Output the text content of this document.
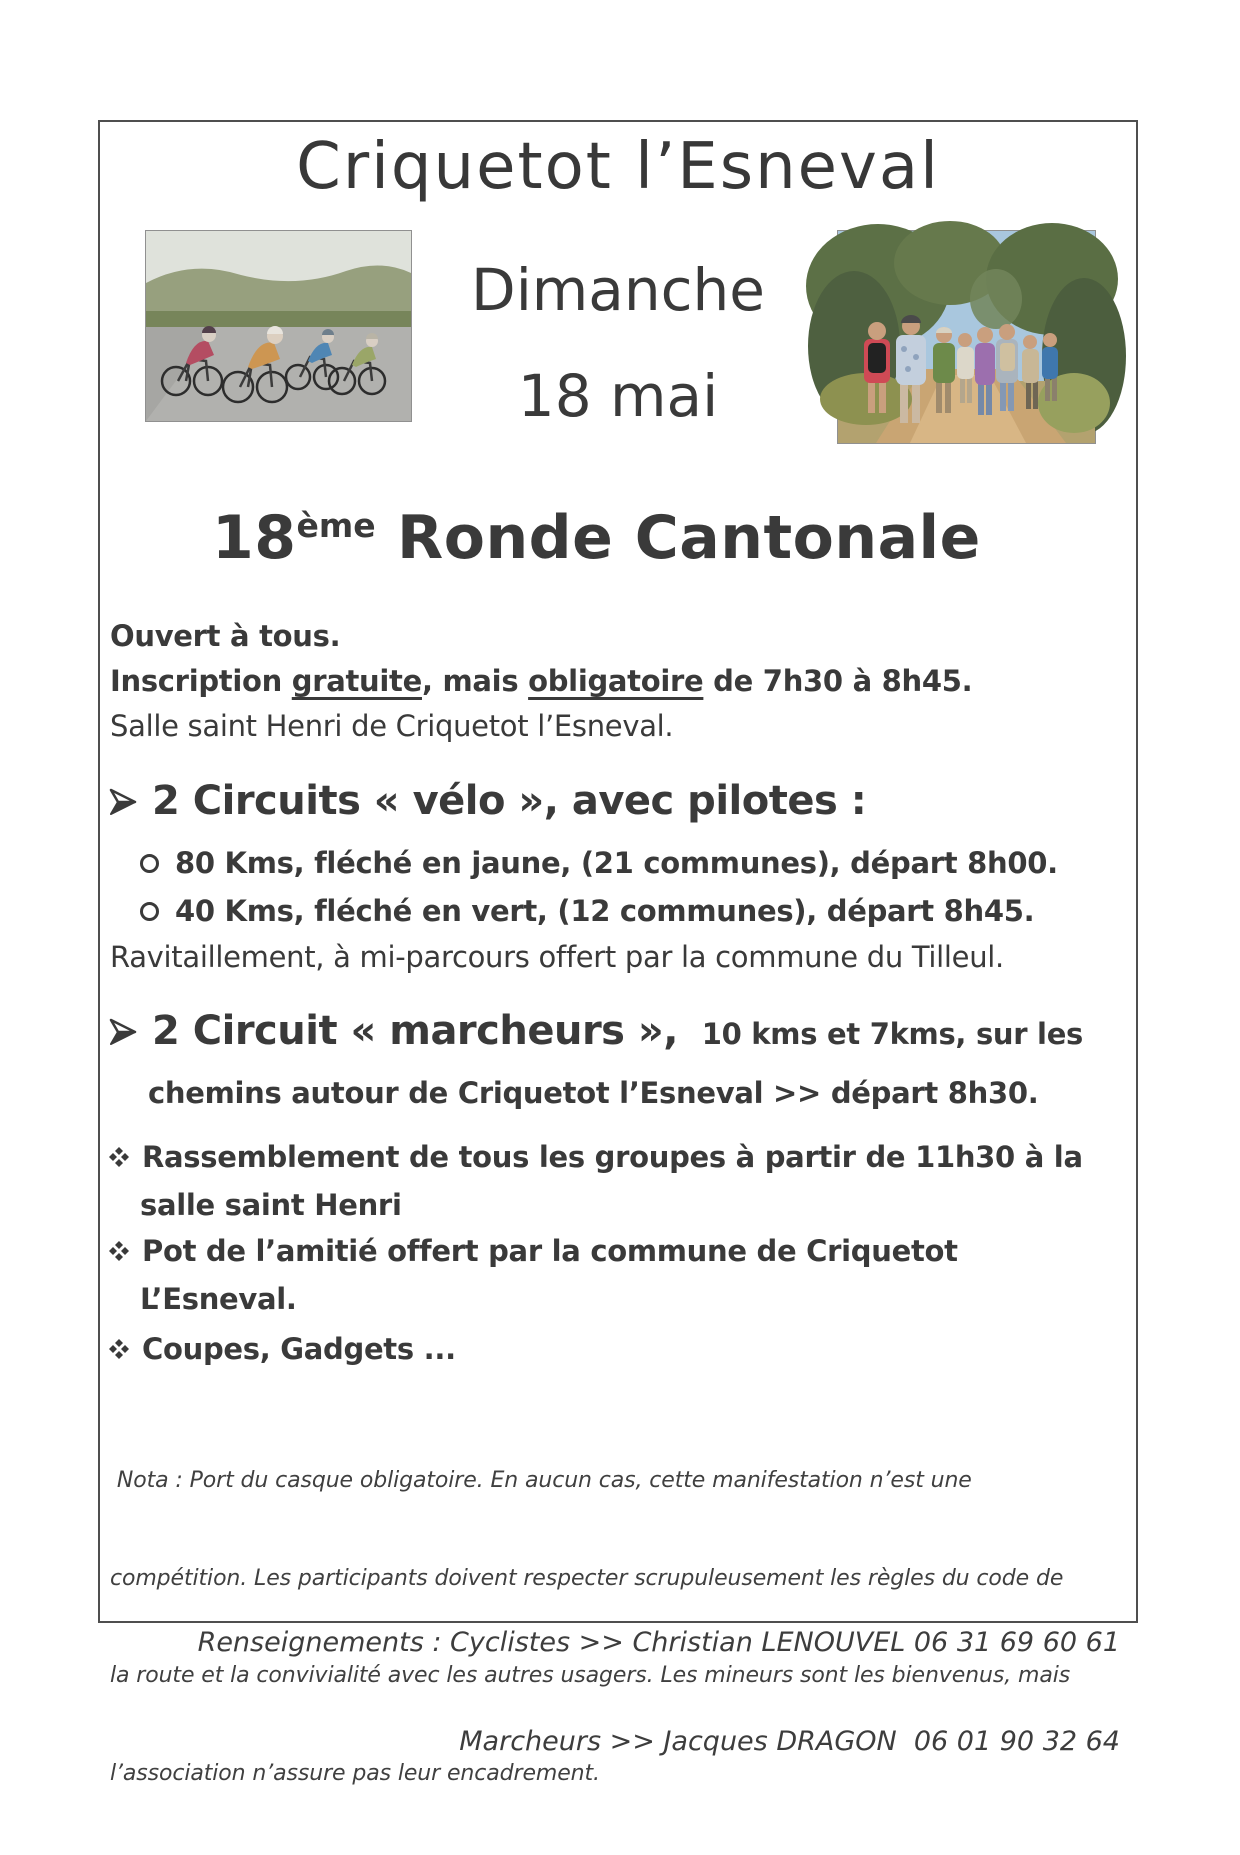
Criquetot l’Esneval
Dimanche
18 mai
18ème Ronde Cantonale
Ouvert à tous.
Inscription gratuite, mais obligatoire de 7h30 à 8h45.
Salle saint Henri de Criquetot l’Esneval.
2 Circuits « vélo », avec pilotes :
80 Kms, fléché en jaune, (21 communes), départ 8h00.
40 Kms, fléché en vert, (12 communes), départ 8h45.
Ravitaillement, à mi-parcours offert par la commune du Tilleul.
2 Circuit « marcheurs », 10 kms et 7kms, sur les
chemins autour de Criquetot l’Esneval >> départ 8h30.
Rassemblement de tous les groupes à partir de 11h30 à la
salle saint Henri
Pot de l’amitié offert par la commune de Criquetot
L’Esneval.
Coupes, Gadgets ...

Nota : Port du casque obligatoire. En aucun cas, cette manifestation n’est une

compétition. Les participants doivent respecter scrupuleusement les règles du code de

la route et la convivialité avec les autres usagers. Les mineurs sont les bienvenus, mais

l’association n’assure pas leur encadrement.

Renseignements : Cyclistes >> Christian LENOUVEL 06 31 69 60 61

Marcheurs >> Jacques DRAGON  06 01 90 32 64
